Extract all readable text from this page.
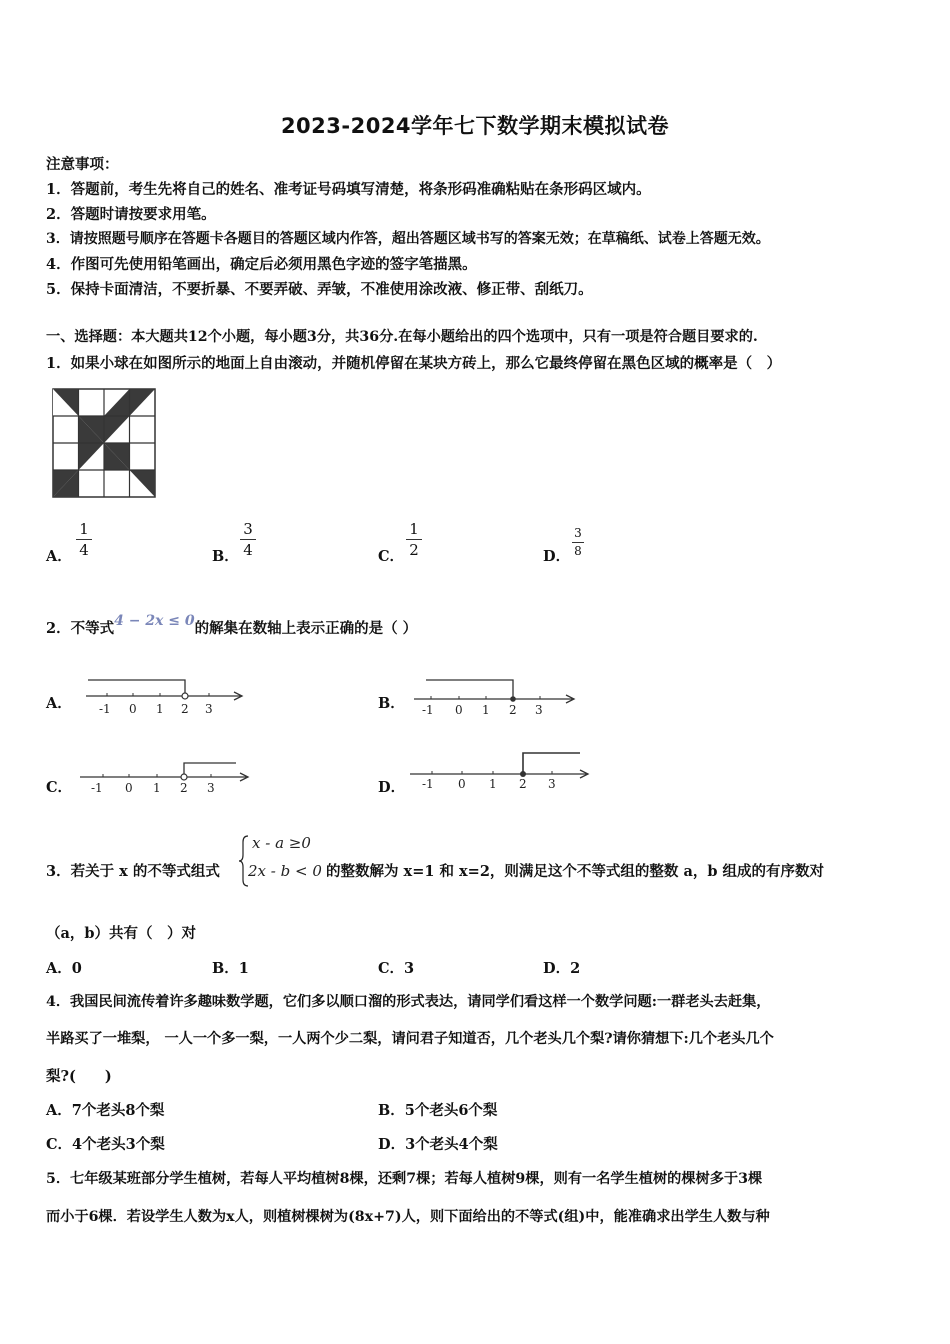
2023-2024学年七下数学期末模拟试卷
注意事项：
1．答题前，考生先将自己的姓名、准考证号码填写清楚，将条形码准确粘贴在条形码区域内。
2．答题时请按要求用笔。
3．请按照题号顺序在答题卡各题目的答题区域内作答，超出答题区域书写的答案无效；在草稿纸、试卷上答题无效。
4．作图可先使用铅笔画出，确定后必须用黑色字迹的签字笔描黑。
5．保持卡面清洁，不要折暴、不要弄破、弄皱，不准使用涂改液、修正带、刮纸刀。
一、选择题：本大题共12个小题，每小题3分，共36分.在每小题给出的四个选项中，只有一项是符合题目要求的.
1．如果小球在如图所示的地面上自由滚动，并随机停留在某块方砖上，那么它最终停留在黑色区域的概率是（　）
A．
1
4	B．
3
4	C．
1
2	D．
3
8
2．不等式4 − 2x ≤ 0的解集在数轴上表示正确的是（ ）
A． -1 0 1 2 3	B． -1 0 1 2 3
C． -1 0 1 2 3	D． -1 0 1 2 3
3．若关于 x 的不等式组式
x - a ≥0
2x - b < 0 的整数解为 x=1 和 x=2，则满足这个不等式组的整数 a，b 组成的有序数对
（a，b）共有（　）对
A．0	B．1	C．3	D．2
4．我国民间流传着许多趣味数学题，它们多以顺口溜的形式表达，请同学们看这样一个数学问题:一群老头去赶集，
半路买了一堆梨， 一人一个多一梨，一人两个少二梨，请问君子知道否，几个老头几个梨?请你猜想下:几个老头几个
梨?(　　)
A．7个老头8个梨	B．5个老头6个梨
C．4个老头3个梨	D．3个老头4个梨
5．七年级某班部分学生植树，若每人平均植树8棵，还剩7棵；若每人植树9棵，则有一名学生植树的棵树多于3棵
而小于6棵．若设学生人数为x人，则植树棵树为(8x+7)人，则下面给出的不等式(组)中，能准确求出学生人数与种
